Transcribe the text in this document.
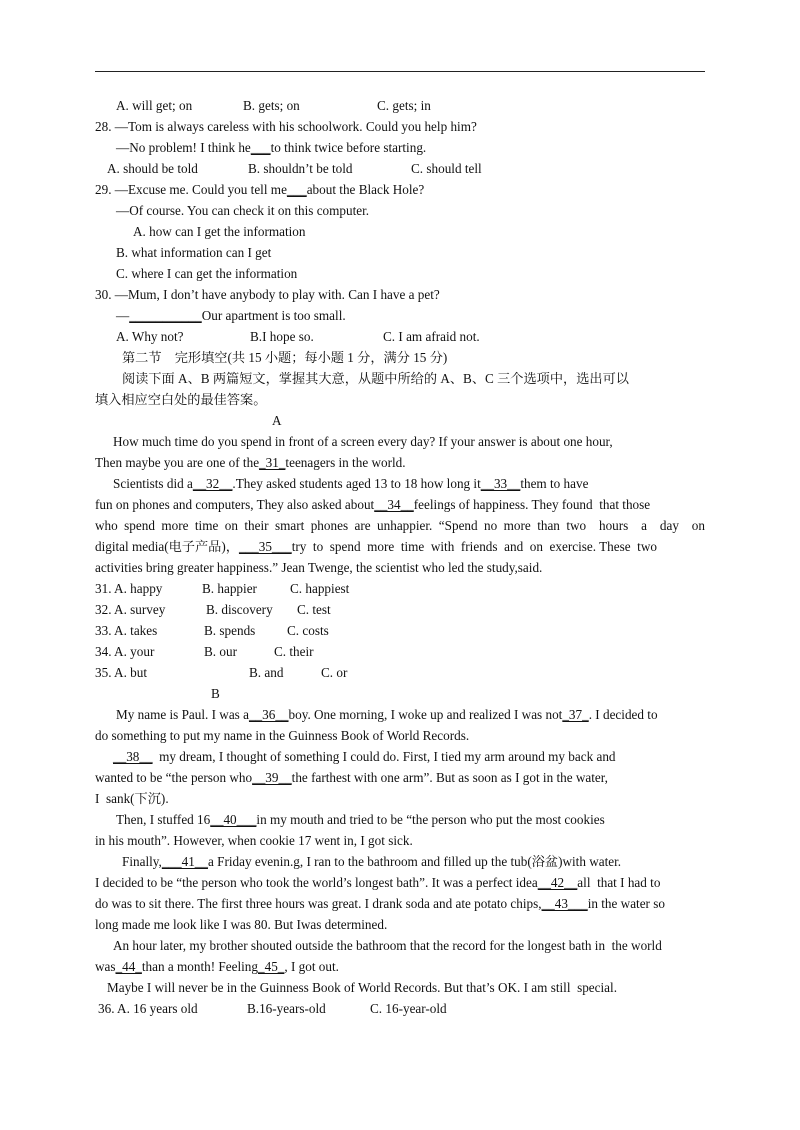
A. will get; on	B. gets; on	C. gets; in
28. —Tom is always careless with his schoolwork. Could you help him?
—No problem! I think he___to think twice before starting.
A. should be told	B. shouldn’t be told	C. should tell
29. —Excuse me. Could you tell me___about the Black Hole?
—Of course. You can check it on this computer.
A. how can I get the information
B. what information can I get
C. where I can get the information
30. —Mum, I don’t have anybody to play with. Can I have a pet?
—___________Our apartment is too small.
A. Why not?	B.I hope so.	C. I am afraid not.
第二节    完形填空(共 15 小题；每小题 1 分，满分 15 分)
阅读下面 A、B 两篇短文，掌握其大意，从题中所给的 A、B、C 三个选项中，选出可以
填入相应空白处的最佳答案。
A
How much time do you spend in front of a screen every day? If your answer is about one hour,
Then maybe you are one of the_31_teenagers in the world.
Scientists did a__32__.They asked students aged 13 to 18 how long it__33__them to have
fun on phones and computers, They also asked about__34__feelings of happiness. They found  that those
who spend more time on their smart phones are unhappier. “Spend no more than two  hours  a  day  on
digital media(电子产品)，___35___try  to  spend  more  time  with  friends  and  on  exercise. These  two
activities bring greater happiness.” Jean Twenge, the scientist who led the study,said.
31. A. happy	B. happier	C. happiest
32. A. survey	B. discovery C. test
33. A. takes	B. spends C. costs
34. A. your	B. our	C. their
35. A. but	B. and	C. or
B
My name is Paul. I was a__36__boy. One morning, I woke up and realized I was not_37_. I decided to
do something to put my name in the Guinness Book of World Records.
__38__  my dream, I thought of something I could do. First, I tied my arm around my back and
wanted to be “the person who__39__the farthest with one arm”. But as soon as I got in the water,
I  sank(下沉).
Then, I stuffed 16__40___in my mouth and tried to be “the person who put the most cookies
in his mouth”. However, when cookie 17 went in, I got sick.
Finally,___41__a Friday evenin.g, I ran to the bathroom and filled up the tub(浴盆)with water.
I decided to be “the person who took the world’s longest bath”. It was a perfect idea__42__all  that I had to
do was to sit there. The first three hours was great. I drank soda and ate potato chips,__43___in the water so
long made me look like I was 80. But Iwas determined.
An hour later, my brother shouted outside the bathroom that the record for the longest bath in  the world
was_44_than a month! Feeling_45_, I got out.
Maybe I will never be in the Guinness Book of World Records. But that’s OK. I am still  special.
36. A. 16 years old	B.16-years-old	C. 16-year-old
